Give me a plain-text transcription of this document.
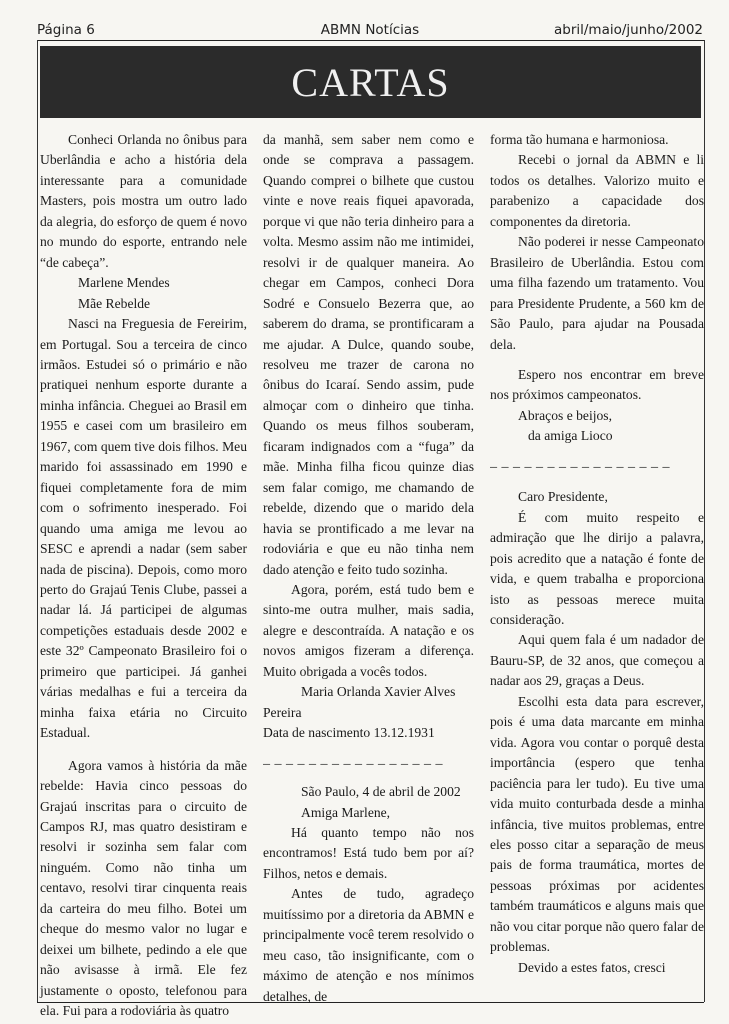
Página 6	ABMN Notícias	abril/maio/junho/2002
CARTAS

Conheci Orlanda no ônibus para Uberlândia e acho a história dela interessante para a comunidade Masters, pois mostra um outro lado da alegria, do esforço de quem é novo no mundo do esporte, entrando nele “de cabeça”.

Marlene Mendes

Mãe Rebelde

Nasci na Freguesia de Fereirim, em Portugal. Sou a terceira de cinco irmãos. Estudei só o primário e não pratiquei nenhum esporte durante a minha infância. Cheguei ao Brasil em 1955 e casei com um brasileiro em 1967, com quem tive dois filhos. Meu marido foi assassinado em 1990 e fiquei completamente fora de mim com o sofrimento inesperado. Foi quando uma amiga me levou ao SESC e aprendi a nadar (sem saber nada de piscina). Depois, como moro perto do Grajaú Tenis Clube, passei a nadar lá. Já participei de algumas competições estaduais desde 2002 e este 32º Campeonato Brasileiro foi o primeiro que participei. Já ganhei várias medalhas e fui a terceira da minha faixa etária no Circuito Estadual.

Agora vamos à história da mãe rebelde: Havia cinco pessoas do Grajaú inscritas para o circuito de Campos RJ, mas quatro desistiram e resolvi ir sozinha sem falar com ninguém. Como não tinha um centavo, resolvi tirar cinquenta reais da carteira do meu filho. Botei um cheque do mesmo valor no lugar e deixei um bilhete, pedindo a ele que não avisasse à irmã. Ele fez justamente o oposto, telefonou para ela. Fui para a rodoviária às quatro

da manhã, sem saber nem como e onde se comprava a passagem. Quando comprei o bilhete que custou vinte e nove reais fiquei apavorada, porque vi que não teria dinheiro para a volta. Mesmo assim não me intimidei, resolvi ir de qualquer maneira. Ao chegar em Campos, conheci Dora Sodré e Consuelo Bezerra que, ao saberem do drama, se prontificaram a me ajudar. A Dulce, quando soube, resolveu me trazer de carona no ônibus do Icaraí. Sendo assim, pude almoçar com o dinheiro que tinha. Quando os meus filhos souberam, ficaram indignados com a “fuga” da mãe. Minha filha ficou quinze dias sem falar comigo, me chamando de rebelde, dizendo que o marido dela havia se prontificado a me levar na rodoviária e que eu não tinha nem dado atenção e feito tudo sozinha.

Agora, porém, está tudo bem e sinto-me outra mulher, mais sadia, alegre e descontraída. A natação e os novos amigos fizeram a diferença. Muito obrigada a vocês todos.

Maria Orlanda Xavier Alves

Pereira

Data de nascimento 13.12.1931

_ _ _ _ _ _ _ _ _ _ _ _ _ _ _ _

São Paulo, 4 de abril de 2002

Amiga Marlene,

Há quanto tempo não nos encontramos! Está tudo bem por aí? Filhos, netos e demais.

Antes de tudo, agradeço muitíssimo por a diretoria da ABMN e principalmente você terem resolvido o meu caso, tão insignificante, com o máximo de atenção e nos mínimos detalhes, de

forma tão humana e harmoniosa.

Recebi o jornal da ABMN e li todos os detalhes. Valorizo muito e parabenizo a capacidade dos componentes da diretoria.

Não poderei ir nesse Campeonato Brasileiro de Uberlândia. Estou com uma filha fazendo um tratamento. Vou para Presidente Prudente, a 560 km de São Paulo, para ajudar na Pousada dela.

Espero nos encontrar em breve nos próximos campeonatos.

Abraços e beijos,

da amiga Lioco

_ _ _ _ _ _ _ _ _ _ _ _ _ _ _ _

Caro Presidente,

É com muito respeito e admiração que lhe dirijo a palavra, pois acredito que a natação é fonte de vida, e quem trabalha e proporciona isto as pessoas merece muita consideração.

Aqui quem fala é um nadador de Bauru-SP, de 32 anos, que começou a nadar aos 29, graças a Deus.

Escolhi esta data para escrever, pois é uma data marcante em minha vida. Agora vou contar o porquê desta importância (espero que tenha paciência para ler tudo). Eu tive uma vida muito conturbada desde a minha infância, tive muitos problemas, entre eles posso citar a separação de meus pais de forma traumática, mortes de pessoas próximas por acidentes também traumáticos e alguns mais que não vou citar porque não quero falar de problemas.

Devido a estes fatos, cresci
